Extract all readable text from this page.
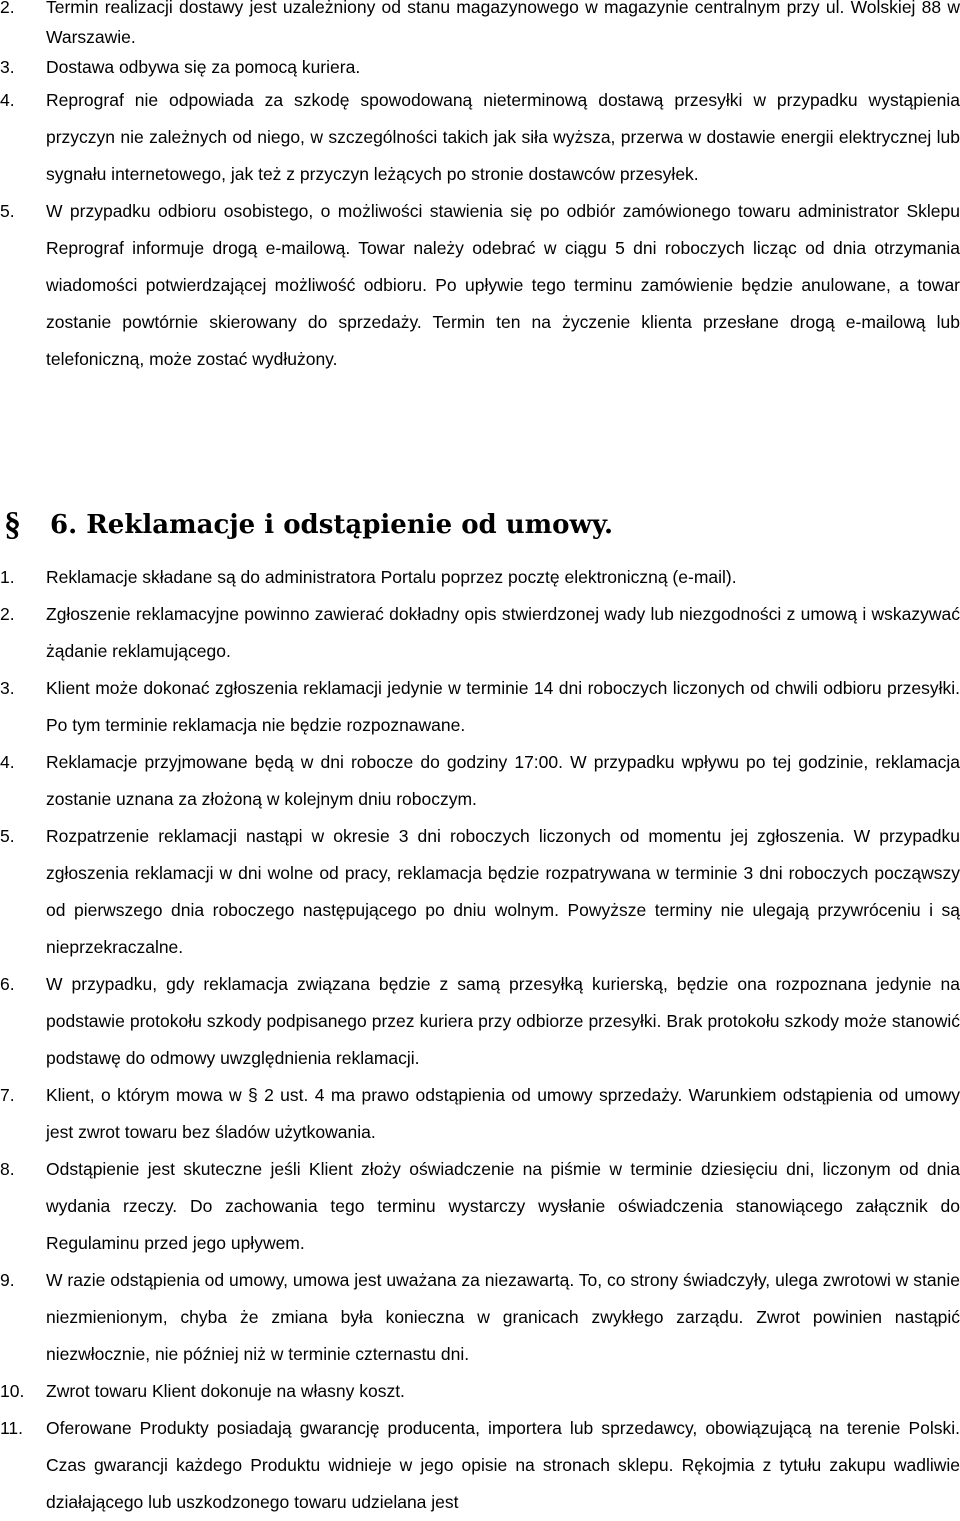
2. Termin realizacji dostawy jest uzależniony od stanu magazynowego w magazynie centralnym przy ul. Wolskiej 88 w Warszawie.
3. Dostawa odbywa się za pomocą kuriera.
4. Reprograf nie odpowiada za szkodę spowodowaną nieterminową dostawą przesyłki w przypadku wystąpienia przyczyn nie zależnych od niego, w szczególności takich jak siła wyższa, przerwa w dostawie energii elektrycznej lub sygnału internetowego, jak też z przyczyn leżących po stronie dostawców przesyłek.
5. W przypadku odbioru osobistego, o możliwości stawienia się po odbiór zamówionego towaru administrator Sklepu Reprograf informuje drogą e-mailową. Towar należy odebrać w ciągu 5 dni roboczych licząc od dnia otrzymania wiadomości potwierdzającej możliwość odbioru. Po upływie tego terminu zamówienie będzie anulowane, a towar zostanie powtórnie skierowany do sprzedaży. Termin ten na życzenie klienta przesłane drogą e-mailową lub telefoniczną, może zostać wydłużony.
§	6. Reklamacje i odstąpienie od umowy.
1. Reklamacje składane są do administratora Portalu poprzez pocztę elektroniczną (e-mail).
2. Zgłoszenie reklamacyjne powinno zawierać dokładny opis stwierdzonej wady lub niezgodności z umową i wskazywać żądanie reklamującego.
3. Klient może dokonać zgłoszenia reklamacji jedynie w terminie 14 dni roboczych liczonych od chwili odbioru przesyłki. Po tym terminie reklamacja nie będzie rozpoznawane.
4. Reklamacje przyjmowane będą w dni robocze do godziny 17:00. W przypadku wpływu po tej godzinie, reklamacja zostanie uznana za złożoną w kolejnym dniu roboczym.
5. Rozpatrzenie reklamacji nastąpi w okresie 3 dni roboczych liczonych od momentu jej zgłoszenia. W przypadku zgłoszenia reklamacji w dni wolne od pracy, reklamacja będzie rozpatrywana w terminie 3 dni roboczych począwszy od pierwszego dnia roboczego następującego po dniu wolnym. Powyższe terminy nie ulegają przywróceniu i są nieprzekraczalne.
6. W przypadku, gdy reklamacja związana będzie z samą przesyłką kurierską, będzie ona rozpoznana jedynie na podstawie protokołu szkody podpisanego przez kuriera przy odbiorze przesyłki. Brak protokołu szkody może stanowić podstawę do odmowy uwzględnienia reklamacji.
7. Klient, o którym mowa w § 2 ust. 4 ma prawo odstąpienia od umowy sprzedaży. Warunkiem odstąpienia od umowy jest zwrot towaru bez śladów użytkowania.
8. Odstąpienie jest skuteczne jeśli Klient złoży oświadczenie na piśmie w terminie dziesięciu dni, liczonym od dnia wydania rzeczy. Do zachowania tego terminu wystarczy wysłanie oświadczenia stanowiącego załącznik do Regulaminu przed jego upływem.
9. W razie odstąpienia od umowy, umowa jest uważana za niezawartą. To, co strony świadczyły, ulega zwrotowi w stanie niezmienionym, chyba że zmiana była konieczna w granicach zwykłego zarządu. Zwrot powinien nastąpić niezwłocznie, nie później niż w terminie czternastu dni.
10. Zwrot towaru Klient dokonuje na własny koszt.
11. Oferowane Produkty posiadają gwarancję producenta, importera lub sprzedawcy, obowiązującą na terenie Polski. Czas gwarancji każdego Produktu widnieje w jego opisie na stronach sklepu. Rękojmia z tytułu zakupu wadliwie działającego lub uszkodzonego towaru udzielana jest
